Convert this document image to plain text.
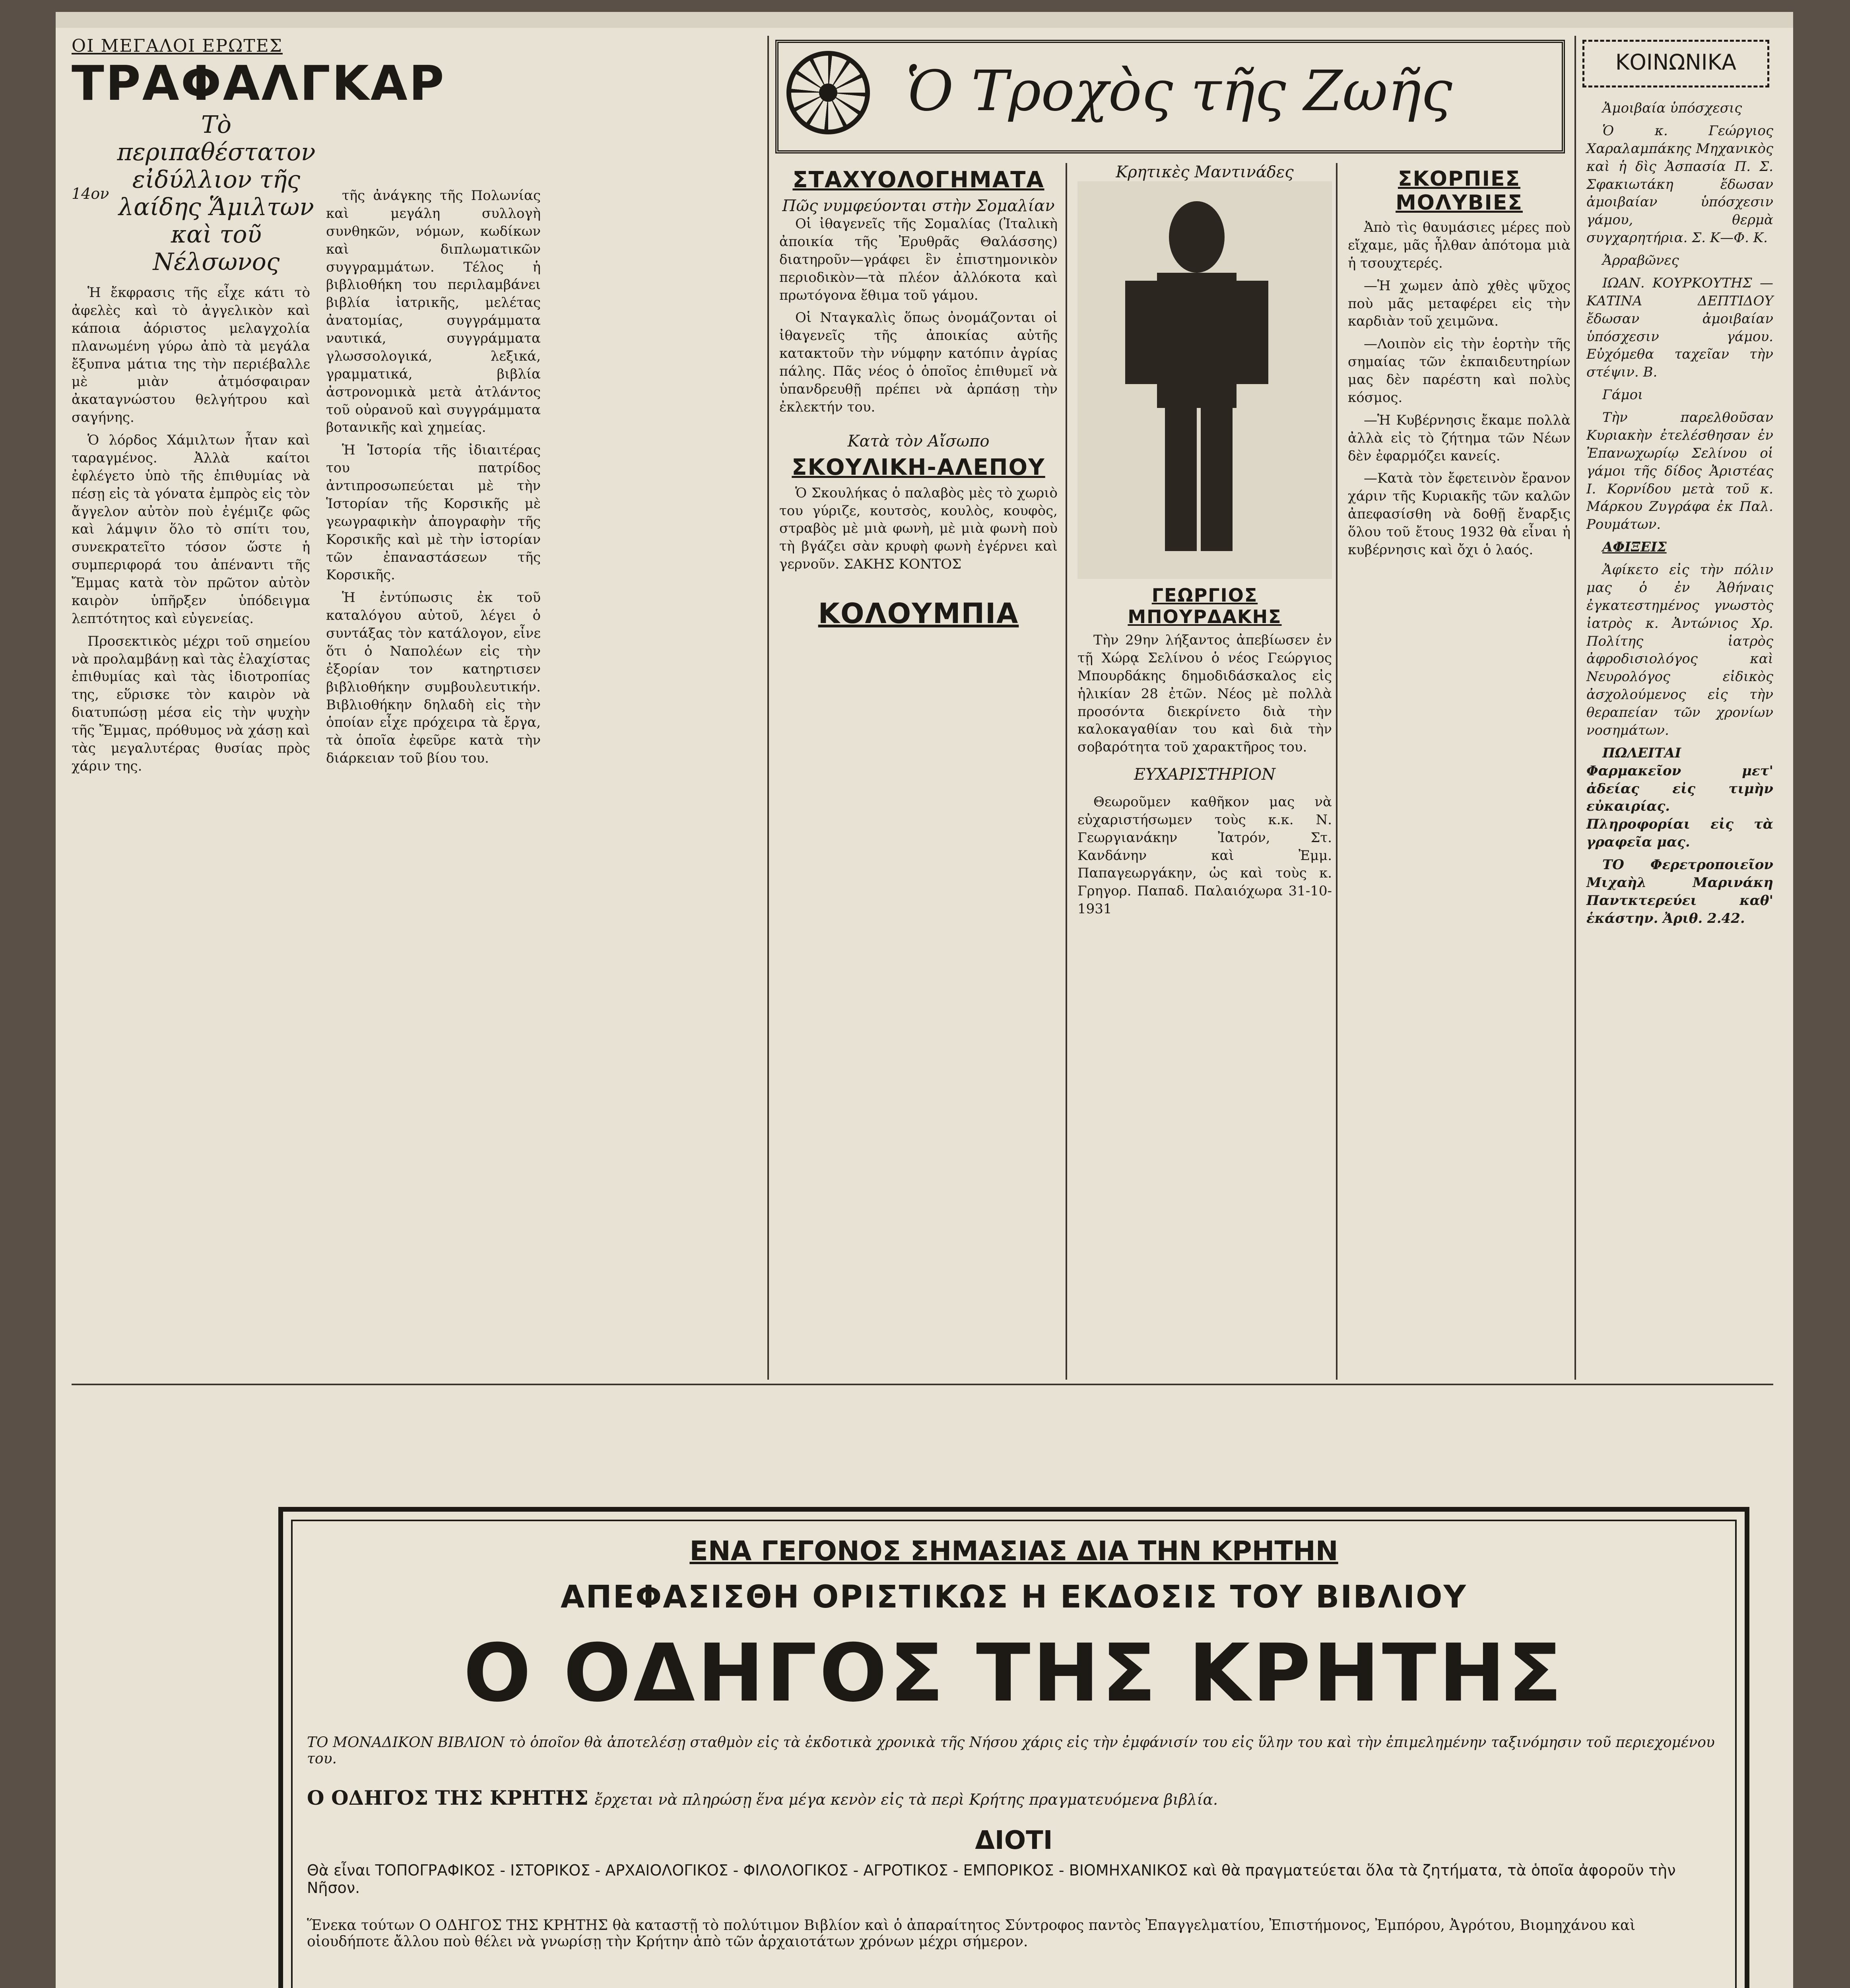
ΟΙ ΜΕΓΑΛΟΙ ΕΡΩΤΕΣ
ΤΡΑΦΑΛΓΚΑΡ
14ον
Τὸ περιπαθέστατον εἰδύλλιον τῆς λαίδης Ἅμιλτων καὶ τοῦ Νέλσωνος

Ἡ ἔκφρασις τῆς εἶχε κάτι τὸ ἀφελὲς καὶ τὸ ἀγγελικὸν καὶ κάποια ἀόριστος μελαγχολία πλανωμένη γύρω ἀπὸ τὰ μεγάλα ἔξυπνα μάτια της τὴν περιέβαλλε μὲ μιὰν ἀτμόσφαιραν ἀκαταγνώστου θελγήτρου καὶ σαγήνης.

Ὁ λόρδος Χάμιλτων ἦταν καὶ ταραγμένος. Ἀλλὰ καίτοι ἐφλέγετο ὑπὸ τῆς ἐπιθυμίας νὰ πέσῃ εἰς τὰ γόνατα ἐμπρὸς εἰς τὸν ἄγγελον αὐτὸν ποὺ ἐγέμιζε φῶς καὶ λάμψιν ὅλο τὸ σπίτι του, συνεκρατεῖτο τόσον ὥστε ἡ συμπεριφορά του ἀπέναντι τῆς Ἔμμας κατὰ τὸν πρῶτον αὐτὸν καιρὸν ὑπῆρξεν ὑπόδειγμα λεπτότητος καὶ εὐγενείας.

Προσεκτικὸς μέχρι τοῦ σημείου νὰ προλαμβάνῃ καὶ τὰς ἐλαχίστας ἐπιθυμίας καὶ τὰς ἰδιοτροπίας της, εὕρισκε τὸν καιρὸν νὰ διατυπώσῃ μέσα εἰς τὴν ψυχὴν τῆς Ἔμμας, πρόθυμος νὰ χάσῃ καὶ τὰς μεγαλυτέρας θυσίας πρὸς χάριν της.

τῆς ἀνάγκης τῆς Πολωνίας καὶ μεγάλη συλλογὴ συνθηκῶν, νόμων, κωδίκων καὶ διπλωματικῶν συγγραμμάτων. Τέλος ἡ βιβλιοθήκη του περιλαμβάνει βιβλία ἰατρικῆς, μελέτας ἀνατομίας, συγγράμματα ναυτικά, συγγράμματα γλωσσολογικά, λεξικά, γραμματικά, βιβλία ἀστρονομικὰ μετὰ ἀτλάντος τοῦ οὐρανοῦ καὶ συγγράμματα βοτανικῆς καὶ χημείας.

Ἡ Ἱστορία τῆς ἰδιαιτέρας του πατρίδος ἀντιπροσωπεύεται μὲ τὴν Ἱστορίαν τῆς Κορσικῆς μὲ γεωγραφικὴν ἀπογραφὴν τῆς Κορσικῆς καὶ μὲ τὴν ἱστορίαν τῶν ἐπαναστάσεων τῆς Κορσικῆς.

Ἡ ἐντύπωσις ἐκ τοῦ καταλόγου αὐτοῦ, λέγει ὁ συντάξας τὸν κατάλογον, εἶνε ὅτι ὁ Ναπολέων εἰς τὴν ἐξορίαν τον κατηρτισεν βιβλιοθήκην συμβουλευτικήν. Βιβλιοθήκην δηλαδὴ εἰς τὴν ὁποίαν εἶχε πρόχειρα τὰ ἔργα, τὰ ὁποῖα ἐφεῦρε κατὰ τὴν διάρκειαν τοῦ βίου του.

Ὁ Τροχὸς τῆς Ζωῆς
ΣΤΑΧΥΟΛΟΓΗΜΑΤΑ
Πῶς νυμφεύονται στὴν Σομαλίαν

Οἱ ἰθαγενεῖς τῆς Σομαλίας (Ἰταλικὴ ἀποικία τῆς Ἐρυθρᾶς Θαλάσσης) διατηροῦν—γράφει ἓν ἐπιστημονικὸν περιοδικὸν—τὰ πλέον ἀλλόκοτα καὶ πρωτόγονα ἔθιμα τοῦ γάμου.

Οἱ Νταγκαλὶς ὅπως ὀνομάζονται οἱ ἰθαγενεῖς τῆς ἀποικίας αὐτῆς κατακτοῦν τὴν νύμφην κατόπιν ἀγρίας πάλης. Πᾶς νέος ὁ ὁποῖος ἐπιθυμεῖ νὰ ὑπανδρευθῇ πρέπει νὰ ἀρπάσῃ τὴν ἐκλεκτήν του.

Κατὰ τὸν Αἴσωπο
ΣΚΟΥΛΙΚΗ-ΑΛΕΠΟΥ

Ὁ Σκουλήκας ὁ παλαβὸς μὲς τὸ χωριὸ του γύριζε, κουτσὸς, κουλὸς, κουφὸς, στραβὸς μὲ μιὰ φωνὴ, μὲ μιὰ φωνὴ ποὺ τὴ βγάζει σὰν κρυφὴ φωνὴ ἐγέρνει καὶ γερνοῦν. ΣΑΚΗΣ ΚΟΝΤΟΣ

ΚΟΛΟΥΜΠΙΑ
Κρητικὲς Μαντινάδες
ΓΕΩΡΓΙΟΣ ΜΠΟΥΡΔΑΚΗΣ

Τὴν 29ην λήξαντος ἀπεβίωσεν ἐν τῇ Χώρᾳ Σελίνου ὁ νέος Γεώργιος Μπουρδάκης δημοδιδάσκαλος εἰς ἡλικίαν 28 ἐτῶν. Νέος μὲ πολλὰ προσόντα διεκρίνετο διὰ τὴν καλοκαγαθίαν του καὶ διὰ τὴν σοβαρότητα τοῦ χαρακτῆρος του.

ΕΥΧΑΡΙΣΤΗΡΙΟΝ

Θεωροῦμεν καθῆκον μας νὰ εὐχαριστήσωμεν τοὺς κ.κ. Ν. Γεωργιανάκην Ἰατρόν, Στ. Κανδάνην καὶ Ἐμμ. Παπαγεωργάκην, ὡς καὶ τοὺς κ. Γρηγορ. Παπαδ. Παλαιόχωρα 31-10-1931

ΣΚΟΡΠΙΕΣ ΜΟΛΥΒΙΕΣ

Ἀπὸ τὶς θαυμάσιες μέρες ποὺ εἴχαμε, μᾶς ἦλθαν ἀπότομα μιὰ ἡ τσουχτερές.

—Ἡ χωμεν ἀπὸ χθὲς ψῦχος ποὺ μᾶς μεταφέρει εἰς τὴν καρδιὰν τοῦ χειμῶνα.

—Λοιπὸν εἰς τὴν ἑορτὴν τῆς σημαίας τῶν ἐκπαιδευτηρίων μας δὲν παρέστη καὶ πολὺς κόσμος.

—Ἡ Κυβέρνησις ἔκαμε πολλὰ ἀλλὰ εἰς τὸ ζήτημα τῶν Νέων δὲν ἐφαρμόζει κανείς.

—Κατὰ τὸν ἔφετεινὸν ἔρανον χάριν τῆς Κυριακῆς τῶν καλῶν ἀπεφασίσθη νὰ δοθῇ ἔναρξις ὅλου τοῦ ἔτους 1932 θὰ εἶναι ἡ κυβέρνησις καὶ ὄχι ὁ λαός.

ΚΟΙΝΩΝΙΚΑ

Ἀμοιβαία ὑπόσχεσις

Ὁ κ. Γεώργιος Χαραλαμπάκης Μηχανικὸς καὶ ἡ δὶς Ἀσπασία Π. Σ. Σφακιωτάκη ἔδωσαν ἀμοιβαίαν ὑπόσχεσιν γάμου, θερμὰ συγχαρητήρια. Σ. Κ—Φ. Κ.

Ἀρραβῶνες

ΙΩΑΝ. ΚΟΥΡΚΟΥΤΗΣ — ΚΑΤΙΝΑ ΔΕΠΤΙΔΟΥ ἔδωσαν ἀμοιβαίαν ὑπόσχεσιν γάμου. Εὐχόμεθα ταχεῖαν τὴν στέψιν. Β.

Γάμοι

Τὴν παρελθοῦσαν Κυριακὴν ἐτελέσθησαν ἐν Ἐπανωχωρίῳ Σελίνου οἱ γάμοι τῆς δίδος Ἀριστέας Ι. Κορνίδου μετὰ τοῦ κ. Μάρκου Ζυγράφα ἐκ Παλ. Ρουμάτων.

ΑΦΙΞΕΙΣ

Ἀφίκετο εἰς τὴν πόλιν μας ὁ ἐν Ἀθήναις ἐγκατεστημένος γνωστὸς ἰατρὸς κ. Ἀντώνιος Χρ. Πολίτης ἰατρὸς ἀφροδισιολόγος καὶ Νευρολόγος εἰδικὸς ἀσχολούμενος εἰς τὴν θεραπείαν τῶν χρονίων νοσημάτων.

ΠΩΛΕΙΤΑΙ Φαρμακεῖον μετ' ἀδείας εἰς τιμὴν εὐκαιρίας. Πληροφορίαι εἰς τὰ γραφεῖα μας.

ΤΟ Φερετροποιεῖον Μιχαὴλ Μαρινάκη Παντκτερεύει καθ' ἑκάστην. Ἀριθ. 2.42.

ΕΝΑ ΓΕΓΟΝΟΣ ΣΗΜΑΣΙΑΣ ΔΙΑ ΤΗΝ ΚΡΗΤΗΝ
ΑΠΕΦΑΣΙΣΘΗ ΟΡΙΣΤΙΚΩΣ Η ΕΚΔΟΣΙΣ ΤΟΥ ΒΙΒΛΙΟΥ
Ο ΟΔΗΓΟΣ ΤΗΣ ΚΡΗΤΗΣ
ΤΟ ΜΟΝΑΔΙΚΟΝ ΒΙΒΛΙΟΝ τὸ ὁποῖον θὰ ἀποτελέσῃ σταθμὸν εἰς τὰ ἐκδοτικὰ χρονικὰ τῆς Νήσου χάρις εἰς τὴν ἐμφάνισίν του εἰς ὕλην του καὶ τὴν ἐπιμελημένην ταξινόμησιν τοῦ περιεχομένου του.
Ο ΟΔΗΓΟΣ ΤΗΣ ΚΡΗΤΗΣ ἔρχεται νὰ πληρώσῃ ἕνα μέγα κενὸν εἰς τὰ περὶ Κρήτης πραγματευόμενα βιβλία.
ΔΙΟΤΙ
Θὰ εἶναι ΤΟΠΟΓΡΑΦΙΚΟΣ - ΙΣΤΟΡΙΚΟΣ - ΑΡΧΑΙΟΛΟΓΙΚΟΣ - ΦΙΛΟΛΟΓΙΚΟΣ - ΑΓΡΟΤΙΚΟΣ - ΕΜΠΟΡΙΚΟΣ - ΒΙΟΜΗΧΑΝΙΚΟΣ καὶ θὰ πραγματεύεται ὅλα τὰ ζητήματα, τὰ ὁποῖα ἀφοροῦν τὴν Νῆσον.
Ἕνεκα τούτων Ο ΟΔΗΓΟΣ ΤΗΣ ΚΡΗΤΗΣ θὰ καταστῇ τὸ πολύτιμον Βιβλίον καὶ ὁ ἀπαραίτητος Σύντροφος παντὸς Ἐπαγγελματίου, Ἐπιστήμονος, Ἐμπόρου, Ἀγρότου, Βιομηχάνου καὶ οἱουδήποτε ἄλλου ποὺ θέλει νὰ γνωρίσῃ τὴν Κρήτην ἀπὸ τῶν ἀρχαιοτάτων χρόνων μέχρι σήμερον.
